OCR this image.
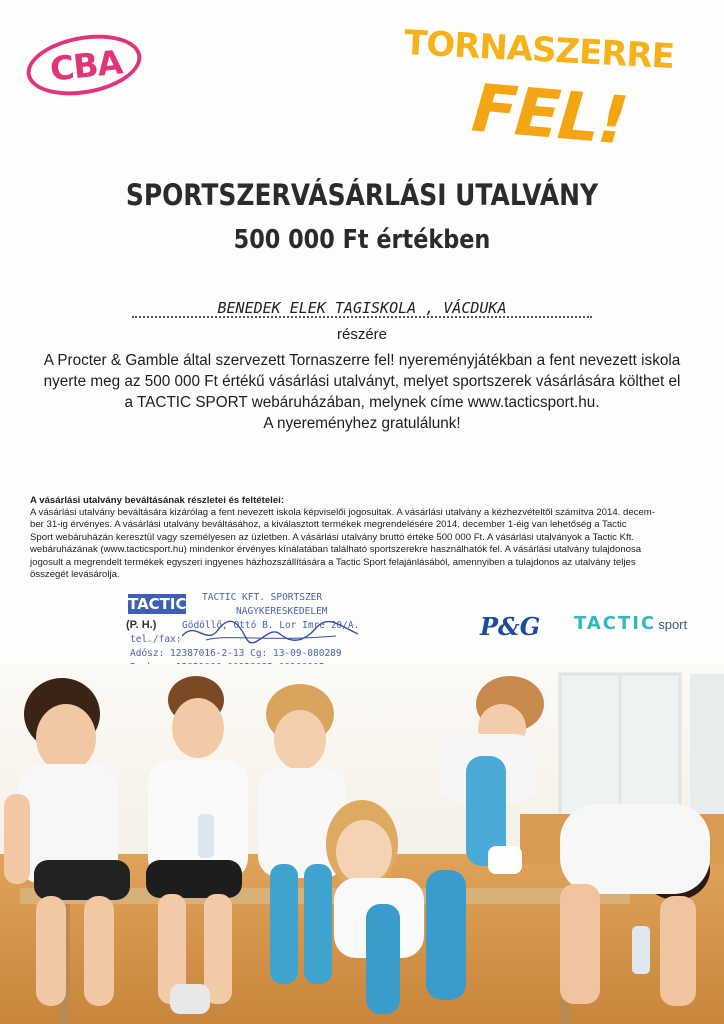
CBA	TORNASZERRE
FEL!
SPORTSZERVÁSÁRLÁSI UTALVÁNY
500 000 Ft értékben
BENEDEK ELEK TAGISKOLA , VÁCDUKA
részére
A Procter & Gamble által szervezett Tornaszerre fel! nyereményjátékban a fent nevezett iskola
nyerte meg az 500 000 Ft értékű vásárlási utalványt, melyet sportszerek vásárlására költhet el
a TACTIC SPORT webáruházában, melynek címe www.tacticsport.hu.
A nyereményhez gratulálunk!
A vásárlási utalvány beváltásának részletei és feltételei:
A vásárlási utalvány beváltására kizárólag a fent nevezett iskola képviselői jogosultak. A vásárlási utalvány a kézhezvételtől számítva 2014. decem-
ber 31-ig érvényes. A vásárlási utalvány beváltásához, a kiválasztott termékek megrendelésére 2014. december 1-éig van lehetőség a Tactic
Sport webáruházán keresztül vagy személyesen az üzletben. A vásárlási utalvány bruttó értéke 500 000 Ft. A vásárlási utalványok a Tactic Kft.
webáruházának (www.tacticsport.hu) mindenkor érvényes kínálatában található sportszerekre használhatók fel. A vásárlási utalvány tulajdonosa
jogosult a megrendelt termékek egyszeri ingyenes házhozszállítására a Tactic Sport felajánlásából, amennyiben a tulajdonos az utalvány teljes
összegét levásárolja.
TACTIC TACTIC KFT. SPORTSZER
NAGYKERESKEDELEM
(P. H.)	Gödöllő, Ottó B. Lor Imre 20/A.
tel./fax:
Adósz: 12387016-2-13 Cg: 13-09-080289
P&G TACTIC sport
